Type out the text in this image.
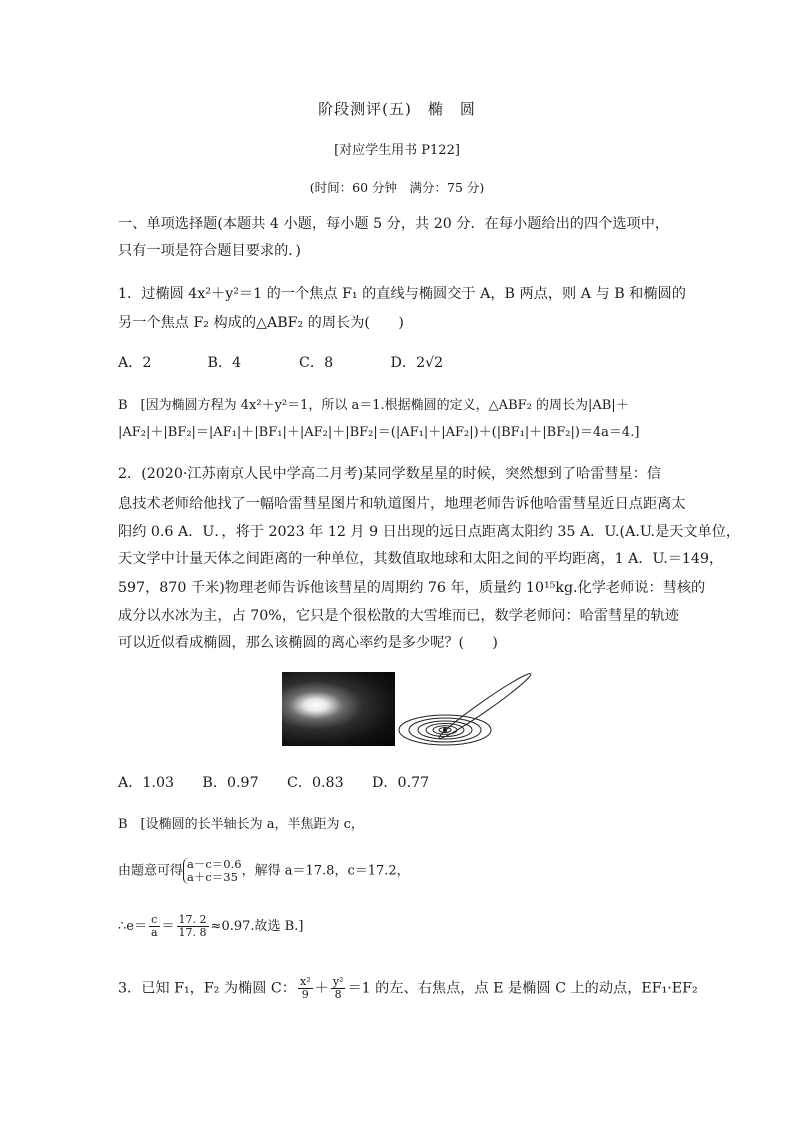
阶段测评(五)　椭　圆
[对应学生用书 P122]
(时间：60 分钟　满分：75 分)
一、单项选择题(本题共 4 小题，每小题 5 分，共 20 分．在每小题给出的四个选项中，
只有一项是符合题目要求的．)
1．过椭圆 4x²＋y²＝1 的一个焦点 F₁ 的直线与椭圆交于 A，B 两点，则 A 与 B 和椭圆的
另一个焦点 F₂ 构成的△ABF₂ 的周长为(　　)
A．2	B．4	C．8	D．2√2
B　[因为椭圆方程为 4x²＋y²＝1，所以 a＝1.根据椭圆的定义，△ABF₂ 的周长为|AB|＋
|AF₂|＋|BF₂|＝|AF₁|＋|BF₁|＋|AF₂|＋|BF₂|＝(|AF₁|＋|AF₂|)＋(|BF₁|＋|BF₂|)＝4a＝4.]
2．(2020·江苏南京人民中学高二月考)某同学数星星的时候，突然想到了哈雷彗星：信
息技术老师给他找了一幅哈雷彗星图片和轨道图片，地理老师告诉他哈雷彗星近日点距离太
阳约 0.6 A．U．，将于 2023 年 12 月 9 日出现的远日点距离太阳约 35 A．U.(A.U.是天文单位，
天文学中计量天体之间距离的一种单位，其数值取地球和太阳之间的平均距离，1 A．U.＝149，
597，870 千米)物理老师告诉他该彗星的周期约 76 年，质量约 10¹⁵kg.化学老师说：彗核的
成分以水冰为主，占 70%，它只是个很松散的大雪堆而已，数学老师问：哈雷彗星的轨迹
可以近似看成椭圆，那么该椭圆的离心率约是多少呢？(　　)
A．1.03　　B．0.97　　C．0.83　　D．0.77
B　[设椭圆的长半轴长为 a，半焦距为 c，
由题意可得 a－c＝0.6
a＋c＝35 ，解得 a＝17.8，c＝17.2，
∴e＝ $\frac{c}{a} = \frac{17. 2}{17. 8} \approx 0.97$.故选 B.]
3．已知 F₁，F₂ 为椭圆 C： $\frac{\text{x²}}{9} + \frac{\text{y²}}{8} =1$ 的左、右焦点，点 E 是椭圆 C 上的动点，EF₁·EF₂
